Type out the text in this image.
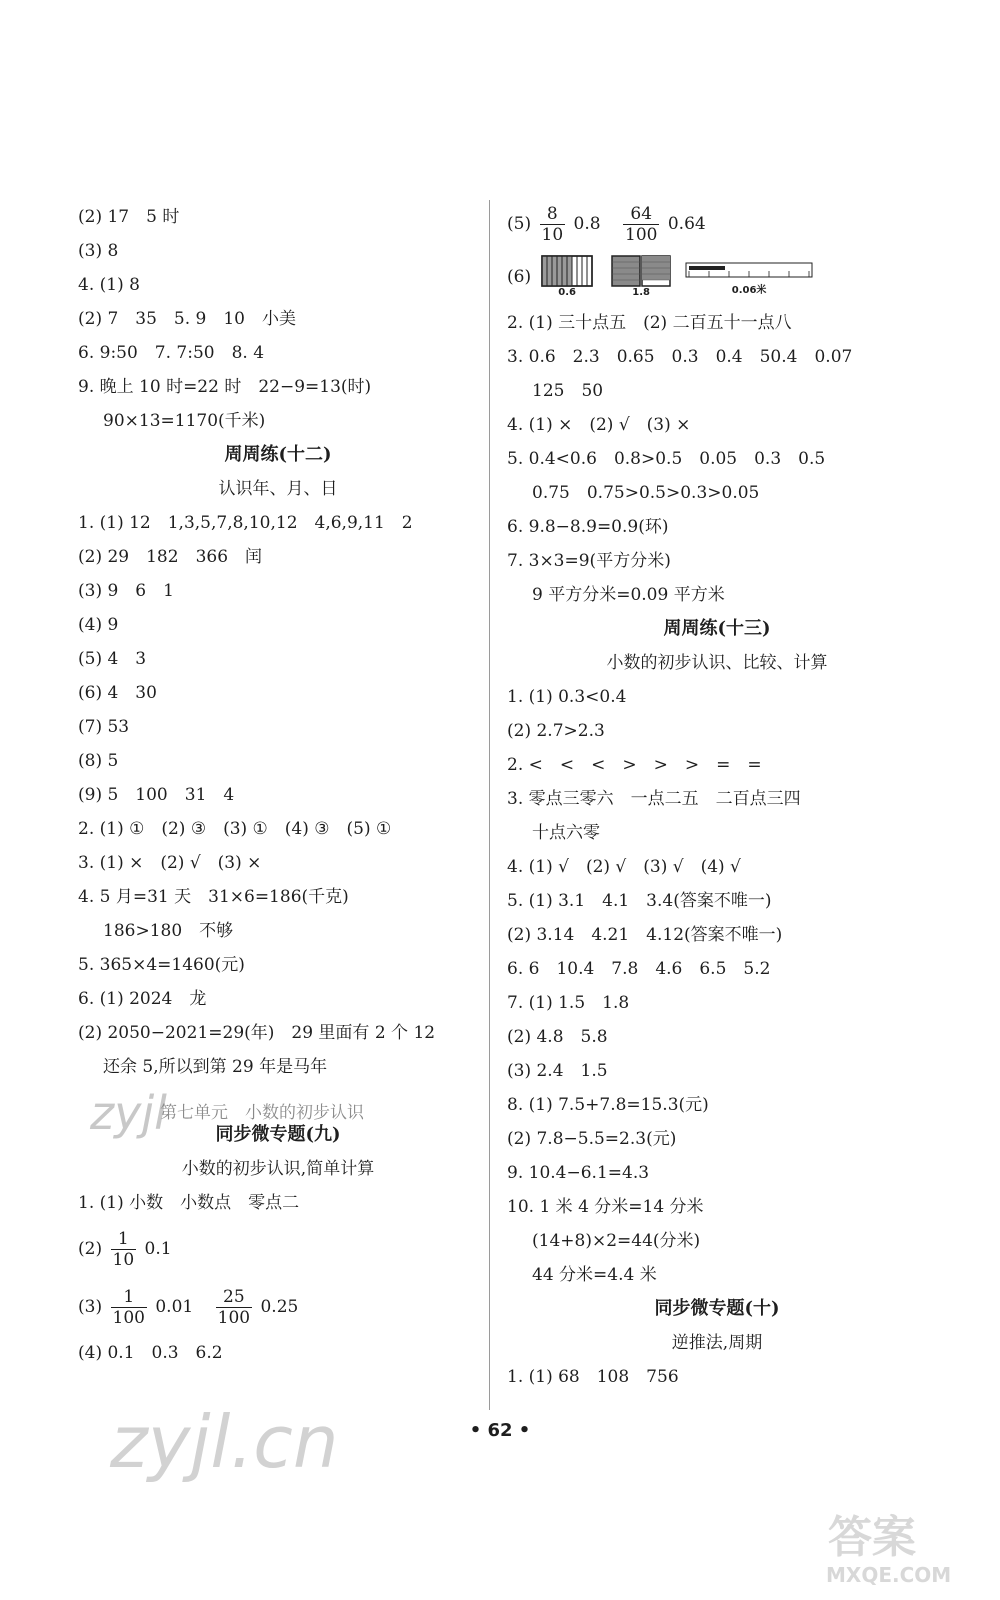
(2) 17　5 时
(3) 8
4. (1) 8
(2) 7　35　5. 9　10　小美
6. 9:50　7. 7:50　8. 4
9. 晚上 10 时=22 时　22−9=13(时)
90×13=1170(千米)
周周练(十二)
认识年、月、日
1. (1) 12　1,3,5,7,8,10,12　4,6,9,11　2
(2) 29　182　366　闰
(3) 9　6　1
(4) 9
(5) 4　3
(6) 4　30
(7) 53
(8) 5
(9) 5　100　31　4
2. (1) ①　(2) ③　(3) ①　(4) ③　(5) ①
3. (1) ×　(2) √　(3) ×
4. 5 月=31 天　31×6=186(千克)
186>180　不够
5. 365×4=1460(元)
6. (1) 2024　龙
(2) 2050−2021=29(年)　29 里面有 2 个 12
还余 5,所以到第 29 年是马年
同步微专题(九)
小数的初步认识,简单计算
1. (1) 小数　小数点　零点二
$(2) \frac{1}{10} 0.1$
$(3) \frac{1}{100} 0.01 \frac{25}{100} 0.25$
(4) 0.1　0.3　6.2
zyjl
第七单元　小数的初步认识
$(5) \frac{8}{10} 0.8 \frac{64}{100} 0.64$
(6)
0.6	1.8	0.06米
2. (1) 三十点五　(2) 二百五十一点八
3. 0.6　2.3　0.65　0.3　0.4　50.4　0.07
125　50
4. (1) ×　(2) √　(3) ×
5. 0.4<0.6　0.8>0.5　0.05　0.3　0.5
0.75　0.75>0.5>0.3>0.05
6. 9.8−8.9=0.9(环)
7. 3×3=9(平方分米)
9 平方分米=0.09 平方米
周周练(十三)
小数的初步认识、比较、计算
1. (1) 0.3<0.4
(2) 2.7>2.3
2. <　<　<　>　>　>　=　=
3. 零点三零六　一点二五　二百点三四
十点六零
4. (1) √　(2) √　(3) √　(4) √
5. (1) 3.1　4.1　3.4(答案不唯一)
(2) 3.14　4.21　4.12(答案不唯一)
6. 6　10.4　7.8　4.6　6.5　5.2
7. (1) 1.5　1.8
(2) 4.8　5.8
(3) 2.4　1.5
8. (1) 7.5+7.8=15.3(元)
(2) 7.8−5.5=2.3(元)
9. 10.4−6.1=4.3
10. 1 米 4 分米=14 分米
(14+8)×2=44(分米)
44 分米=4.4 米
同步微专题(十)
逆推法,周期
1. (1) 68　108　756
• 62 •
zyjl.cn
答案
MXQE.COM
